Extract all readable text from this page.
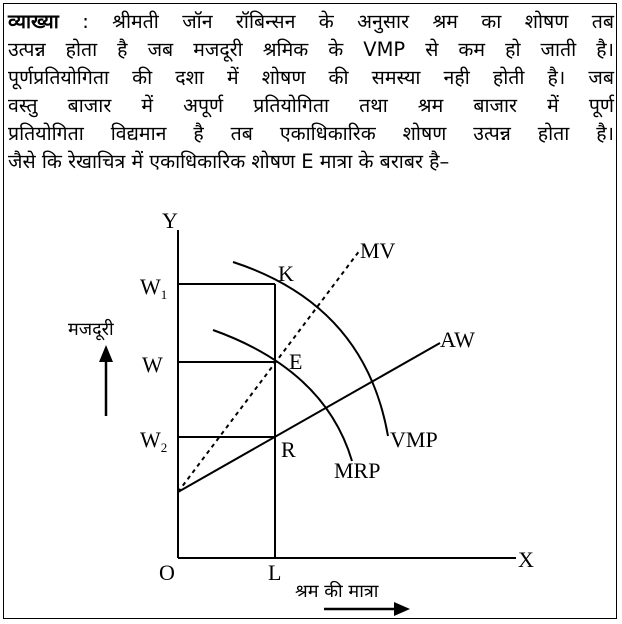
व्याख्या : श्रीमती जॉन रॉबिन्सन के अनुसार श्रम का शोषण तब
उत्पन्न होता है जब मजदूरी श्रमिक के VMP से कम हो जाती है।
पूर्णप्रतियोगिता की दशा में शोषण की समस्या नही होती है। जब
वस्तु बाजार में अपूर्ण प्रतियोगिता तथा श्रम बाजार में पूर्ण
प्रतियोगिता विद्यमान है तब एकाधिकारिक शोषण उत्पन्न होता है।
जैसे कि रेखाचित्र में एकाधिकारिक शोषण E मात्रा के बराबर है–
Y
X
O
$W_1$
W
$W_2$
L
MV
AW
VMP
MRP
K
E
R
मजदूरी
श्रम की मात्रा
